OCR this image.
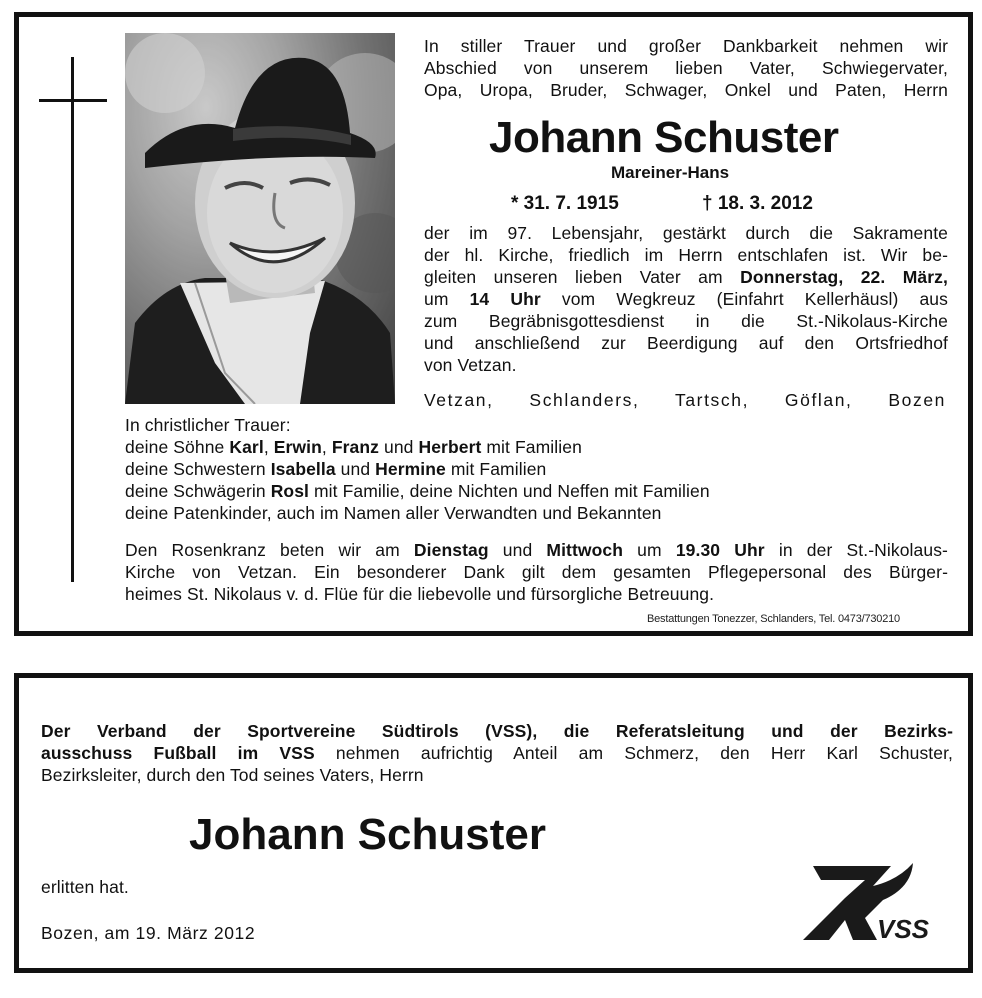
In stiller Trauer und großer Dankbarkeit nehmen wir
Abschied von unserem lieben Vater, Schwiegervater,
Opa, Uropa, Bruder, Schwager, Onkel und Paten, Herrn
Johann Schuster
Mareiner-Hans
* 31. 7. 1915	† 18. 3. 2012
der im 97. Lebensjahr, gestärkt durch die Sakramente
der hl. Kirche, friedlich im Herrn entschlafen ist. Wir be-
gleiten unseren lieben Vater am Donnerstag, 22. März,
um 14 Uhr vom Wegkreuz (Einfahrt Kellerhäusl) aus
zum Begräbnisgottesdienst in die St.-Nikolaus-Kirche
und anschließend zur Beerdigung auf den Ortsfriedhof
von Vetzan.
Vetzan, Schlanders, Tartsch, Göflan, Bozen
In christlicher Trauer:
deine Söhne Karl, Erwin, Franz und Herbert mit Familien
deine Schwestern Isabella und Hermine mit Familien
deine Schwägerin Rosl mit Familie, deine Nichten und Neffen mit Familien
deine Patenkinder, auch im Namen aller Verwandten und Bekannten
Den Rosenkranz beten wir am Dienstag und Mittwoch um 19.30 Uhr in der St.-Nikolaus-
Kirche von Vetzan. Ein besonderer Dank gilt dem gesamten Pflegepersonal des Bürger-
heimes St. Nikolaus v. d. Flüe für die liebevolle und fürsorgliche Betreuung.
Bestattungen Tonezzer, Schlanders, Tel. 0473/730210
Der Verband der Sportvereine Südtirols (VSS), die Referatsleitung und der Bezirks-
ausschuss Fußball im VSS nehmen aufrichtig Anteil am Schmerz, den Herr Karl Schuster,
Bezirksleiter, durch den Tod seines Vaters, Herrn
Johann Schuster
erlitten hat.
Bozen, am 19. März 2012	VSS
